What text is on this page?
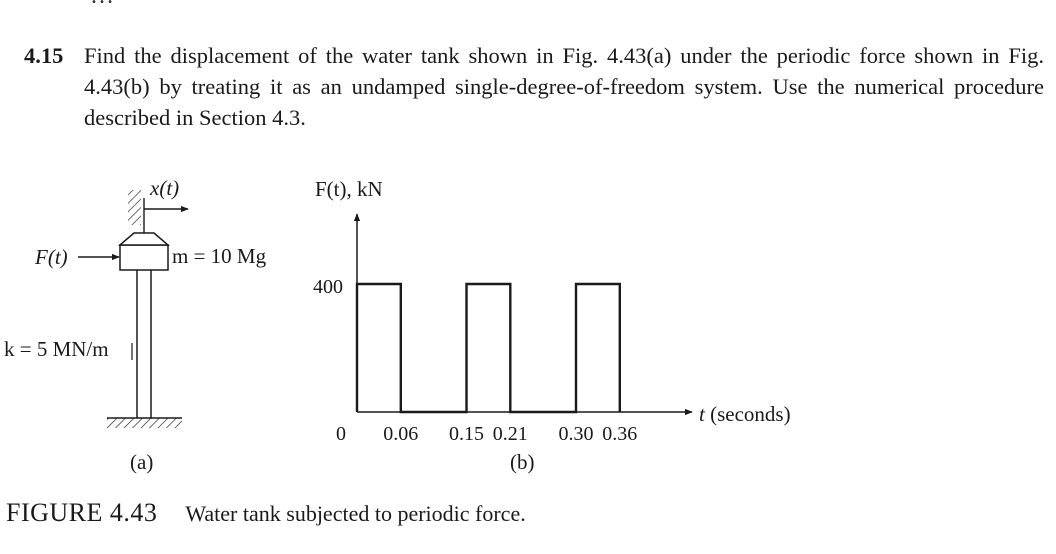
4.15 Find the displacement of the water tank shown in Fig. 4.43(a) under the periodic force shown in Fig. 4.43(b) by treating it as an undamped single-degree-of-freedom system. Use the numerical procedure described in Section 4.3.
F(t)
x(t)
m = 10 Mg
k = 5 MN/m
(a)
0.06 0.15 0.21 0.30 0.36
400
0
F(t), kN
t (seconds)
(b)
FIGURE 4.43 Water tank subjected to periodic force.
